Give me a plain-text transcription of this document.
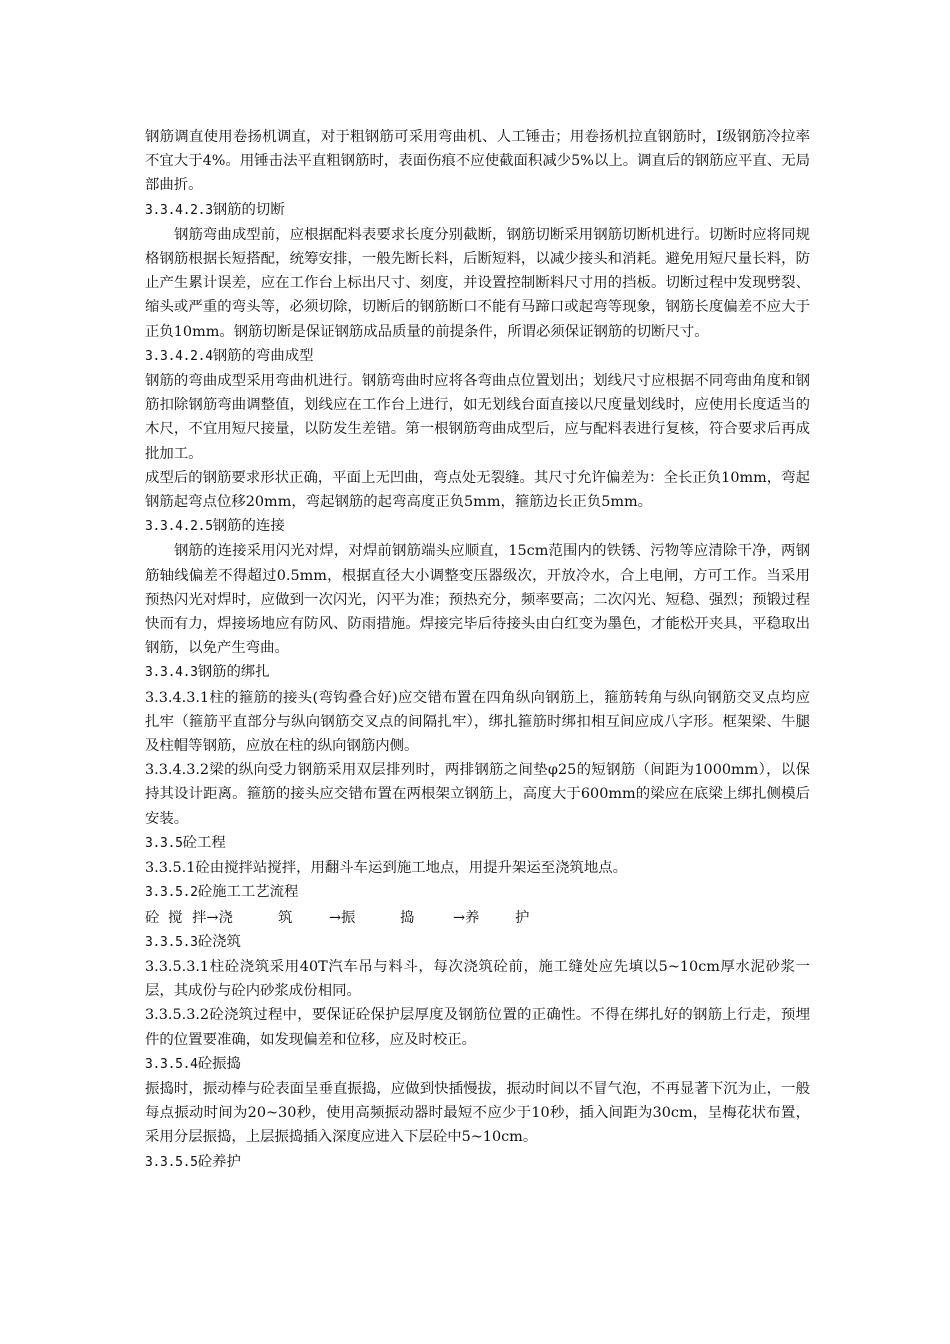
钢筋调直使用卷扬机调直，对于粗钢筋可采用弯曲机、人工锤击；用卷扬机拉直钢筋时，Ⅰ级钢筋冷拉率不宜大于4%。用锤击法平直粗钢筋时，表面伤痕不应使截面积减少5%以上。调直后的钢筋应平直、无局部曲折。

3.3.4.2.3钢筋的切断

钢筋弯曲成型前，应根据配料表要求长度分别截断，钢筋切断采用钢筋切断机进行。切断时应将同规格钢筋根据长短搭配，统筹安排，一般先断长料，后断短料，以减少接头和消耗。避免用短尺量长料，防止产生累计误差，应在工作台上标出尺寸、刻度，并设置控制断料尺寸用的挡板。切断过程中发现劈裂、缩头或严重的弯头等，必须切除，切断后的钢筋断口不能有马蹄口或起弯等现象，钢筋长度偏差不应大于正负10mm。钢筋切断是保证钢筋成品质量的前提条件，所谓必须保证钢筋的切断尺寸。

3.3.4.2.4钢筋的弯曲成型

钢筋的弯曲成型采用弯曲机进行。钢筋弯曲时应将各弯曲点位置划出；划线尺寸应根据不同弯曲角度和钢筋扣除钢筋弯曲调整值，划线应在工作台上进行，如无划线台面直接以尺度量划线时，应使用长度适当的木尺，不宜用短尺接量，以防发生差错。第一根钢筋弯曲成型后，应与配料表进行复核，符合要求后再成批加工。

成型后的钢筋要求形状正确，平面上无凹曲，弯点处无裂缝。其尺寸允许偏差为：全长正负10mm，弯起钢筋起弯点位移20mm，弯起钢筋的起弯高度正负5mm，箍筋边长正负5mm。

3.3.4.2.5钢筋的连接

钢筋的连接采用闪光对焊，对焊前钢筋端头应顺直，15cm范围内的铁锈、污物等应清除干净，两钢筋轴线偏差不得超过0.5mm，根据直径大小调整变压器级次，开放冷水，合上电闸，方可工作。当采用预热闪光对焊时，应做到一次闪光，闪平为准；预热充分，频率要高；二次闪光、短稳、强烈；预锻过程快而有力，焊接场地应有防风、防雨措施。焊接完毕后待接头由白红变为墨色，才能松开夹具，平稳取出钢筋，以免产生弯曲。

3.3.4.3钢筋的绑扎

3.3.4.3.1柱的箍筋的接头(弯钩叠合好)应交错布置在四角纵向钢筋上，箍筋转角与纵向钢筋交叉点均应扎牢（箍筋平直部分与纵向钢筋交叉点的间隔扎牢），绑扎箍筋时绑扣相互间应成八字形。框架梁、牛腿及柱帽等钢筋，应放在柱的纵向钢筋内侧。

3.3.4.3.2梁的纵向受力钢筋采用双层排列时，两排钢筋之间垫φ25的短钢筋（间距为1000mm），以保持其设计距离。箍筋的接头应交错布置在两根架立钢筋上，高度大于600mm的梁应在底梁上绑扎侧模后安装。

3.3.5砼工程

3.3.5.1砼由搅拌站搅拌，用翻斗车运到施工地点，用提升架运至浇筑地点。

3.3.5.2砼施工工艺流程

砼 搅 拌→浇	筑	→振	捣	→养	护

3.3.5.3砼浇筑

3.3.5.3.1柱砼浇筑采用40T汽车吊与料斗，每次浇筑砼前，施工缝处应先填以5~10cm厚水泥砂浆一层，其成份与砼内砂浆成份相同。

3.3.5.3.2砼浇筑过程中，要保证砼保护层厚度及钢筋位置的正确性。不得在绑扎好的钢筋上行走，预埋件的位置要准确，如发现偏差和位移，应及时校正。

3.3.5.4砼振捣

振捣时，振动棒与砼表面呈垂直振捣，应做到快插慢拔，振动时间以不冒气泡，不再显著下沉为止，一般每点振动时间为20~30秒，使用高频振动器时最短不应少于10秒，插入间距为30cm，呈梅花状布置，采用分层振捣，上层振捣插入深度应进入下层砼中5~10cm。

3.3.5.5砼养护
